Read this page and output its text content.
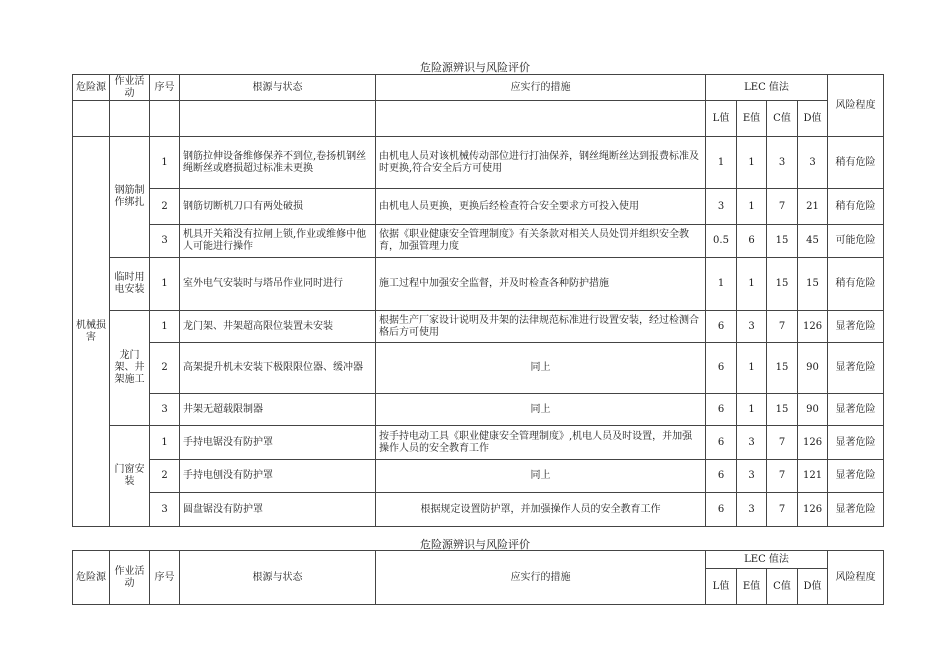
危险源辨识与风险评价
危险源	作业活动	序号	根源与状态	应实行的措施	LEC 值法				风险程度
					L值	E值	C值	D值	
机械损害	钢筋制作绑扎	1	钢筋拉伸设备维修保养不到位,卷扬机钢丝绳断丝或磨损超过标准未更换	由机电人员对该机械传动部位进行打油保养，钢丝绳断丝达到报费标准及时更换,符合安全后方可使用	1	1	3	3	稍有危险
		2	钢筋切断机刀口有两处破损	由机电人员更换，更换后经检查符合安全要求方可投入使用	3	1	7	21	稍有危险
		3	机具开关箱没有拉闸上锁,作业或维修中他人可能进行操作	依据《职业健康安全管理制度》有关条款对相关人员处罚并组织安全教育，加强管理力度	0.5	6	15	45	可能危险
	临时用电安装	1	室外电气安装时与塔吊作业同时进行	施工过程中加强安全监督，并及时检查各种防护措施	1	1	15	15	稍有危险
	龙门架、井架施工	1	龙门架、井架超高限位装置未安装	根据生产厂家设计说明及井架的法律规范标准进行设置安装，经过检测合格后方可使用	6	3	7	126	显著危险
		2	高架提升机未安装下极限限位器、缓冲器	同上	6	1	15	90	显著危险
		3	井架无超载限制器	同上	6	1	15	90	显著危险
	门窗安装	1	手持电锯没有防护罩	按手持电动工具《职业健康安全管理制度》,机电人员及时设置，并加强操作人员的安全教育工作	6	3	7	126	显著危险
		2	手持电刨没有防护罩	同上	6	3	7	121	显著危险
		3	圆盘锯没有防护罩	根据规定设置防护罩，并加强操作人员的安全教育工作	6	3	7	126	显著危险
危险源辨识与风险评价
危险源	作业活动	序号	根源与状态	应实行的措施	LEC 值法				风险程度
					L值	E值	C值	D值	
